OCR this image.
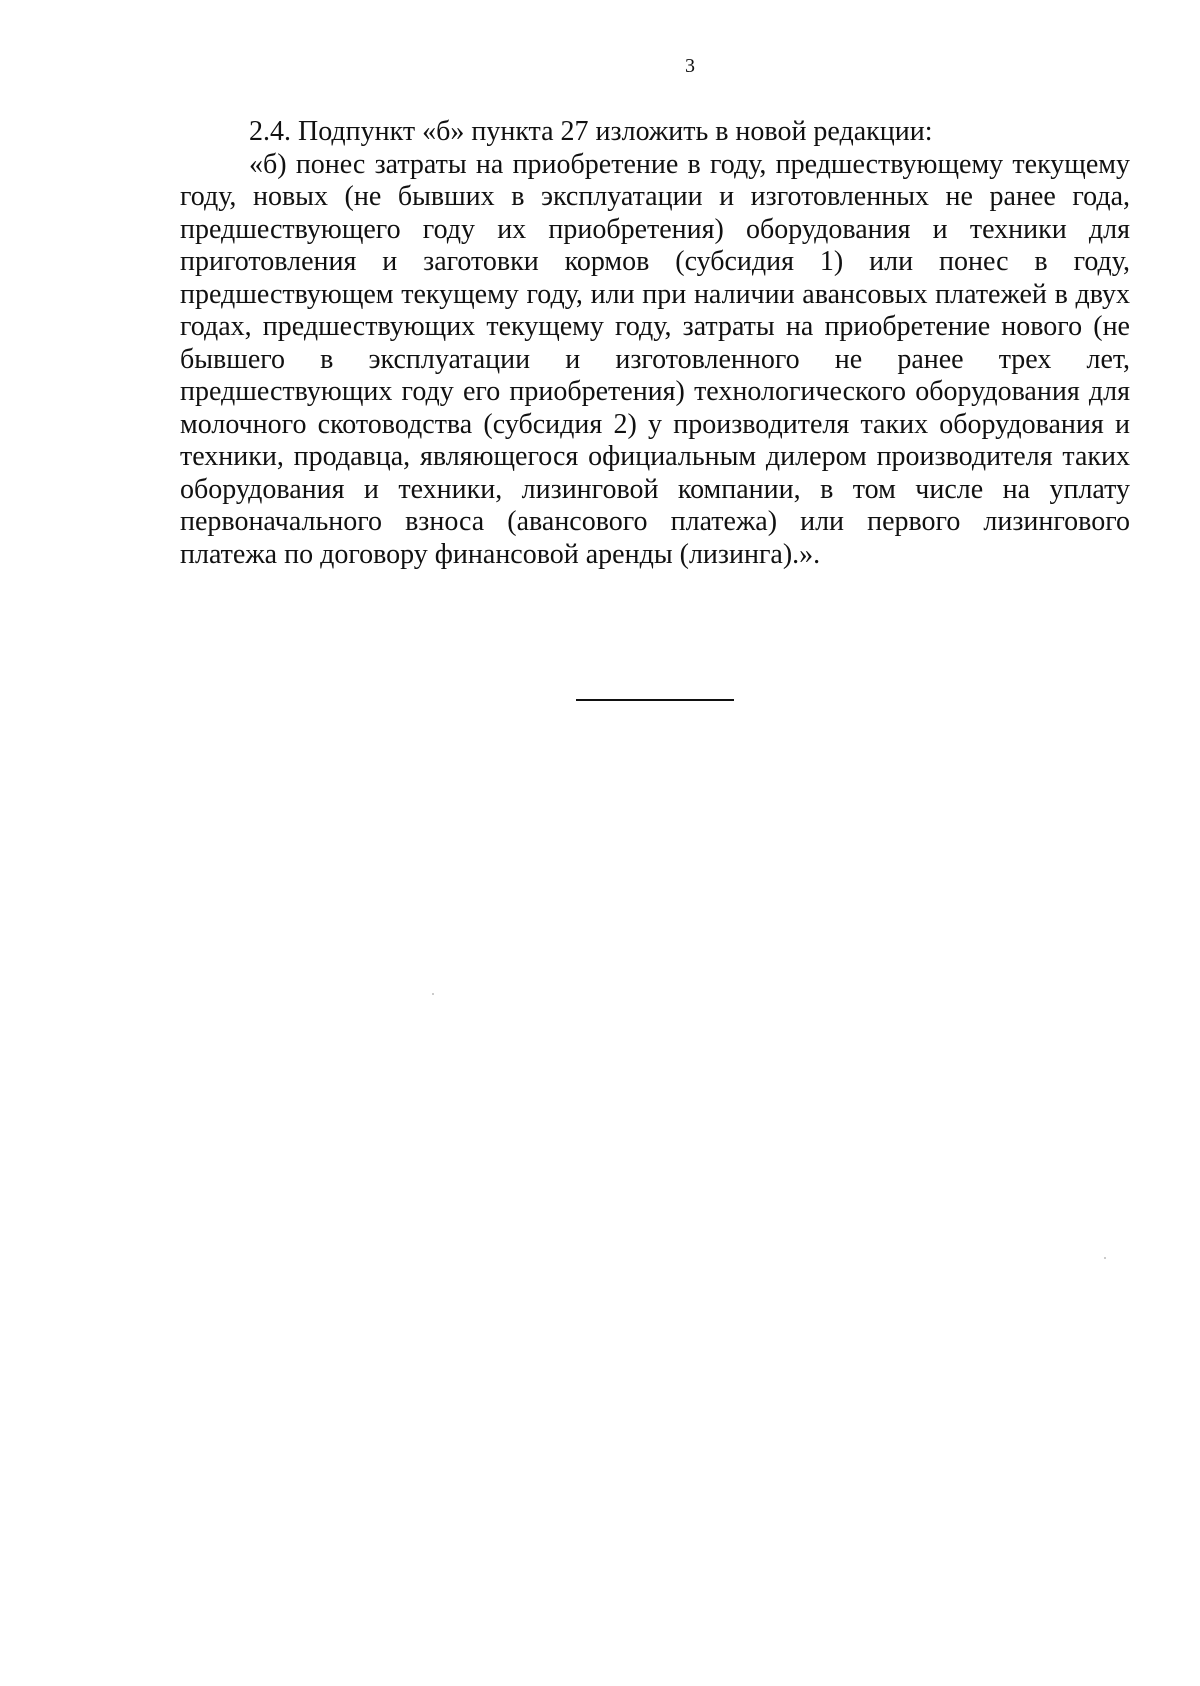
3

2.4. Подпункт «б» пункта 27 изложить в новой редакции:

«б) понес затраты на приобретение в году, предшествующему текущему

году, новых (не бывших в эксплуатации и изготовленных не ранее года,

предшествующего году их приобретения) оборудования и техники для

приготовления и заготовки кормов (субсидия 1) или понес в году,

предшествующем текущему году, или при наличии авансовых платежей в двух

годах, предшествующих текущему году, затраты на приобретение нового (не

бывшего в эксплуатации и изготовленного не ранее трех лет,

предшествующих году его приобретения) технологического оборудования для

молочного скотоводства (субсидия 2) у производителя таких оборудования и

техники, продавца, являющегося официальным дилером производителя таких

оборудования и техники, лизинговой компании, в том числе на уплату

первоначального взноса (авансового платежа) или первого лизингового

платежа по договору финансовой аренды (лизинга).».
